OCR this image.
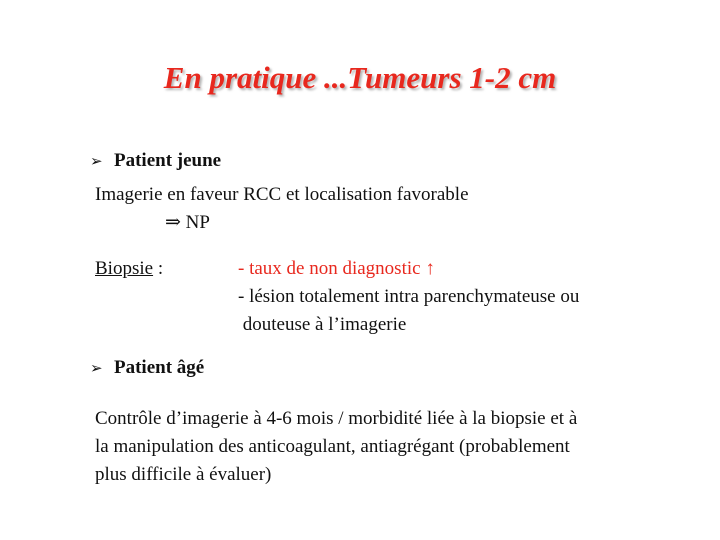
En pratique ...Tumeurs 1-2 cm
➢ Patient jeune
Imagerie en faveur RCC et localisation favorable
⇒ NP
Biopsie :	- taux de non diagnostic ↑
- lésion totalement intra parenchymateuse ou
douteuse à l’imagerie
➢ Patient âgé
Contrôle d’imagerie à 4-6 mois / morbidité liée à la biopsie et à
la manipulation des anticoagulant, antiagrégant (probablement
plus difficile à évaluer)
